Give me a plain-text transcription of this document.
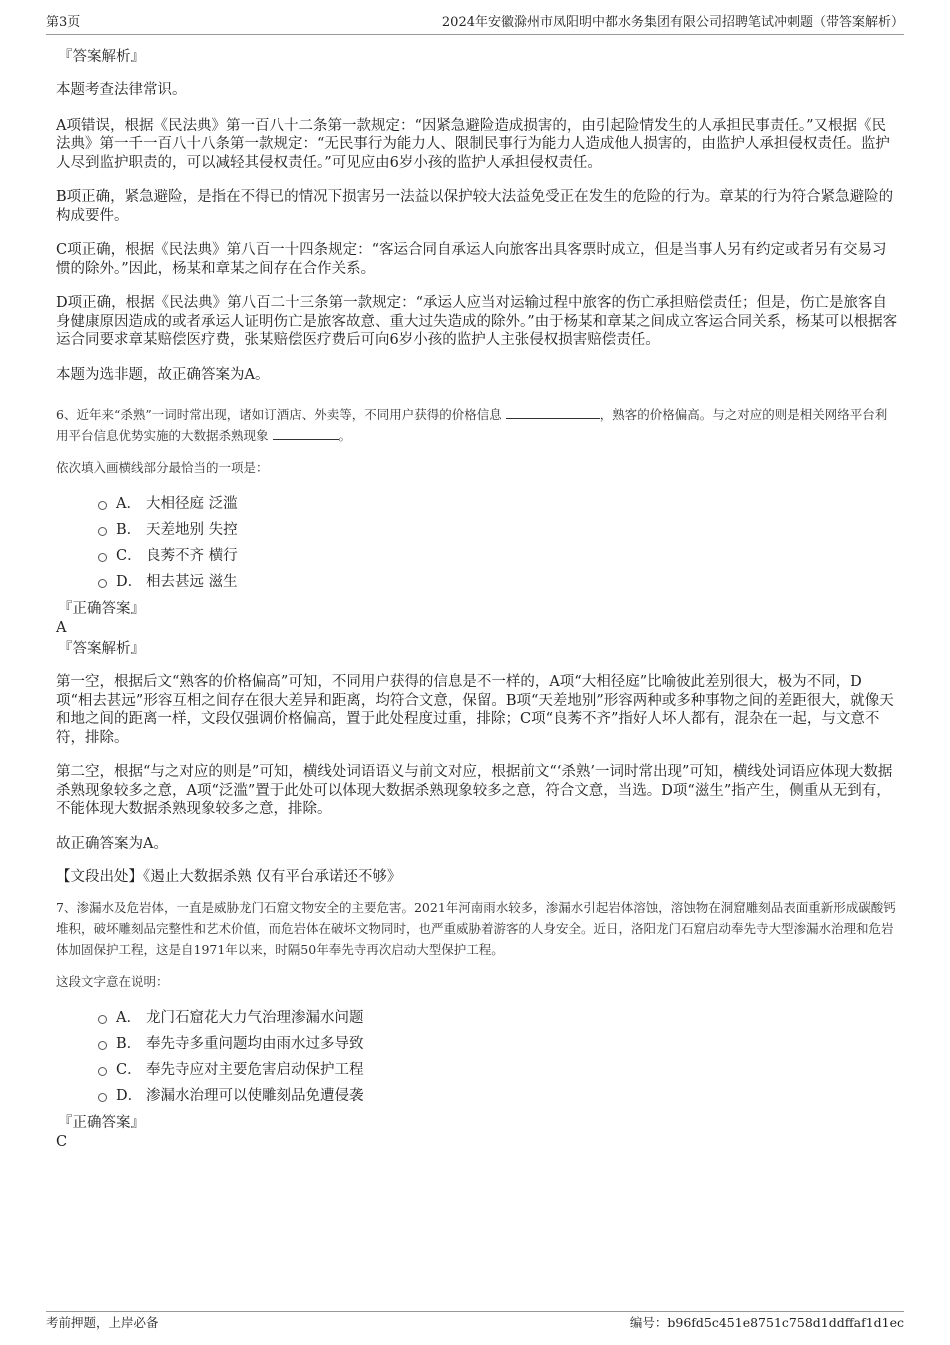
第3页	2024年安徽滁州市凤阳明中都水务集团有限公司招聘笔试冲刺题（带答案解析）

『答案解析』

本题考查法律常识。

A项错误，根据《民法典》第一百八十二条第一款规定：“因紧急避险造成损害的，由引起险情发生的人承担民事责任。”又根据《民法典》第一千一百八十八条第一款规定：“无民事行为能力人、限制民事行为能力人造成他人损害的，由监护人承担侵权责任。监护人尽到监护职责的，可以减轻其侵权责任。”可见应由6岁小孩的监护人承担侵权责任。

B项正确，紧急避险，是指在不得已的情况下损害另一法益以保护较大法益免受正在发生的危险的行为。章某的行为符合紧急避险的构成要件。

C项正确，根据《民法典》第八百一十四条规定：“客运合同自承运人向旅客出具客票时成立，但是当事人另有约定或者另有交易习惯的除外。”因此，杨某和章某之间存在合作关系。

D项正确，根据《民法典》第八百二十三条第一款规定：“承运人应当对运输过程中旅客的伤亡承担赔偿责任；但是，伤亡是旅客自身健康原因造成的或者承运人证明伤亡是旅客故意、重大过失造成的除外。”由于杨某和章某之间成立客运合同关系，杨某可以根据客运合同要求章某赔偿医疗费，张某赔偿医疗费后可向6岁小孩的监护人主张侵权损害赔偿责任。

本题为选非题，故正确答案为A。

6、近年来“杀熟”一词时常出现，诸如订酒店、外卖等，不同用户获得的价格信息	，熟客的价格偏高。与之对应的则是相关网络平台利用平台信息优势实施的大数据杀熟现象	。

依次填入画横线部分最恰当的一项是：

A． 大相径庭 泛滥
B． 天差地别 失控
C． 良莠不齐 横行
D． 相去甚远 滋生

『正确答案』

A

『答案解析』

第一空，根据后文“熟客的价格偏高”可知，不同用户获得的信息是不一样的，A项“大相径庭”比喻彼此差别很大，极为不同，D项“相去甚远”形容互相之间存在很大差异和距离，均符合文意，保留。B项“天差地别”形容两种或多种事物之间的差距很大，就像天和地之间的距离一样，文段仅强调价格偏高，置于此处程度过重，排除；C项“良莠不齐”指好人坏人都有，混杂在一起，与文意不符，排除。

第二空，根据“与之对应的则是”可知，横线处词语语义与前文对应，根据前文“‘杀熟’一词时常出现”可知，横线处词语应体现大数据杀熟现象较多之意，A项“泛滥”置于此处可以体现大数据杀熟现象较多之意，符合文意，当选。D项“滋生”指产生，侧重从无到有，不能体现大数据杀熟现象较多之意，排除。

故正确答案为A。

【文段出处】《遏止大数据杀熟 仅有平台承诺还不够》

7、渗漏水及危岩体，一直是威胁龙门石窟文物安全的主要危害。2021年河南雨水较多，渗漏水引起岩体溶蚀，溶蚀物在洞窟雕刻品表面重新形成碳酸钙堆积，破坏雕刻品完整性和艺术价值，而危岩体在破坏文物同时，也严重威胁着游客的人身安全。近日，洛阳龙门石窟启动奉先寺大型渗漏水治理和危岩体加固保护工程，这是自1971年以来，时隔50年奉先寺再次启动大型保护工程。

这段文字意在说明：

A． 龙门石窟花大力气治理渗漏水问题
B． 奉先寺多重问题均由雨水过多导致
C． 奉先寺应对主要危害启动保护工程
D． 渗漏水治理可以使雕刻品免遭侵袭

『正确答案』

C

考前押题，上岸必备	编号：b96fd5c451e8751c758d1ddffaf1d1ec
